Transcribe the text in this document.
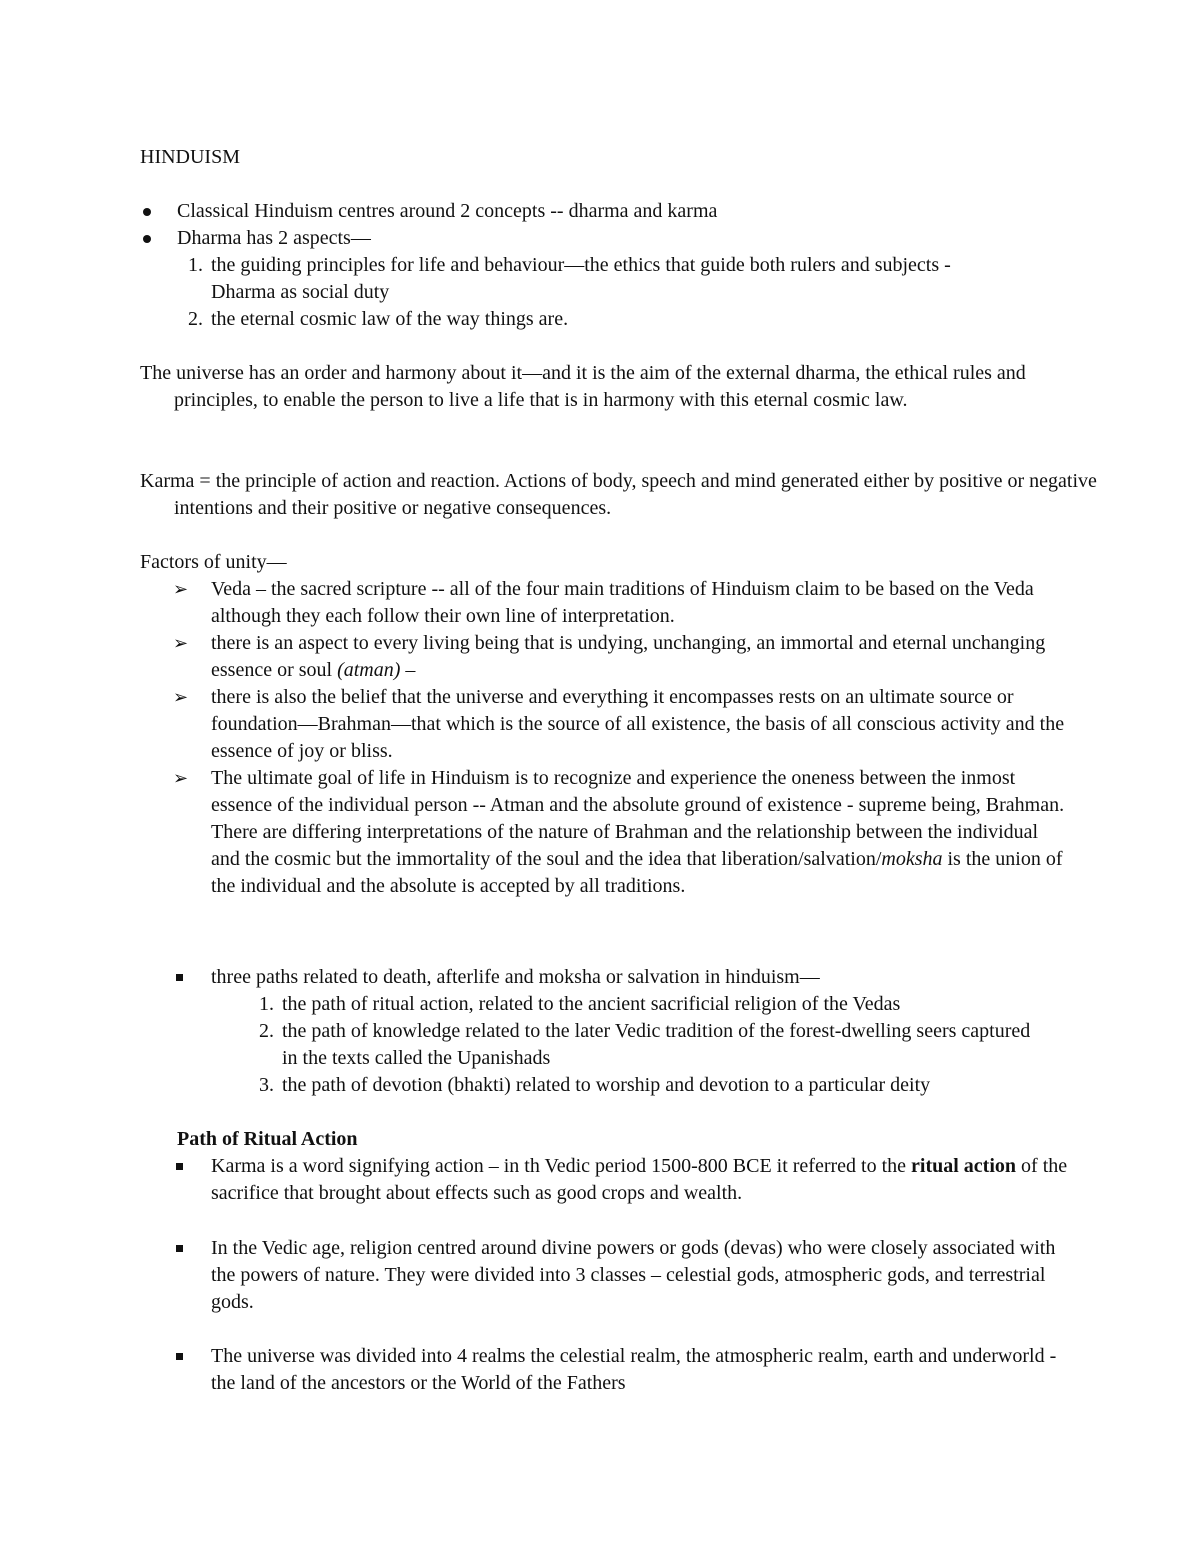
HINDUISM
Classical Hinduism centres around 2 concepts -- dharma and karma
Dharma has 2 aspects—
1. the guiding principles for life and behaviour—the ethics that guide both rulers and subjects - Dharma as social duty
2. the eternal cosmic law of the way things are.

The universe has an order and harmony about it—and it is the aim of the external dharma, the ethical rules and principles, to enable the person to live a life that is in harmony with this eternal cosmic law.

Karma = the principle of action and reaction. Actions of body, speech and mind generated either by positive or negative intentions and their positive or negative consequences.

Factors of unity—
➢ Veda – the sacred scripture -- all of the four main traditions of Hinduism claim to be based on the Veda although they each follow their own line of interpretation.
➢ there is an aspect to every living being that is undying, unchanging, an immortal and eternal unchanging essence or soul (atman) –
➢ there is also the belief that the universe and everything it encompasses rests on an ultimate source or foundation—Brahman—that which is the source of all existence, the basis of all conscious activity and the essence of joy or bliss.
➢ The ultimate goal of life in Hinduism is to recognize and experience the oneness between the inmost essence of the individual person -- Atman and the absolute ground of existence - supreme being, Brahman. There are differing interpretations of the nature of Brahman and the relationship between the individual and the cosmic but the immortality of the soul and the idea that liberation/salvation/moksha is the union of the individual and the absolute is accepted by all traditions.
three paths related to death, afterlife and moksha or salvation in hinduism—
1. the path of ritual action, related to the ancient sacrificial religion of the Vedas
2. the path of knowledge related to the later Vedic tradition of the forest-dwelling seers captured in the texts called the Upanishads
3. the path of devotion (bhakti) related to worship and devotion to a particular deity
Path of Ritual Action
Karma is a word signifying action – in th Vedic period 1500-800 BCE it referred to the ritual action of the sacrifice that brought about effects such as good crops and wealth.
In the Vedic age, religion centred around divine powers or gods (devas) who were closely associated with the powers of nature. They were divided into 3 classes – celestial gods, atmospheric gods, and terrestrial gods.
The universe was divided into 4 realms the celestial realm, the atmospheric realm, earth and underworld - the land of the ancestors or the World of the Fathers
